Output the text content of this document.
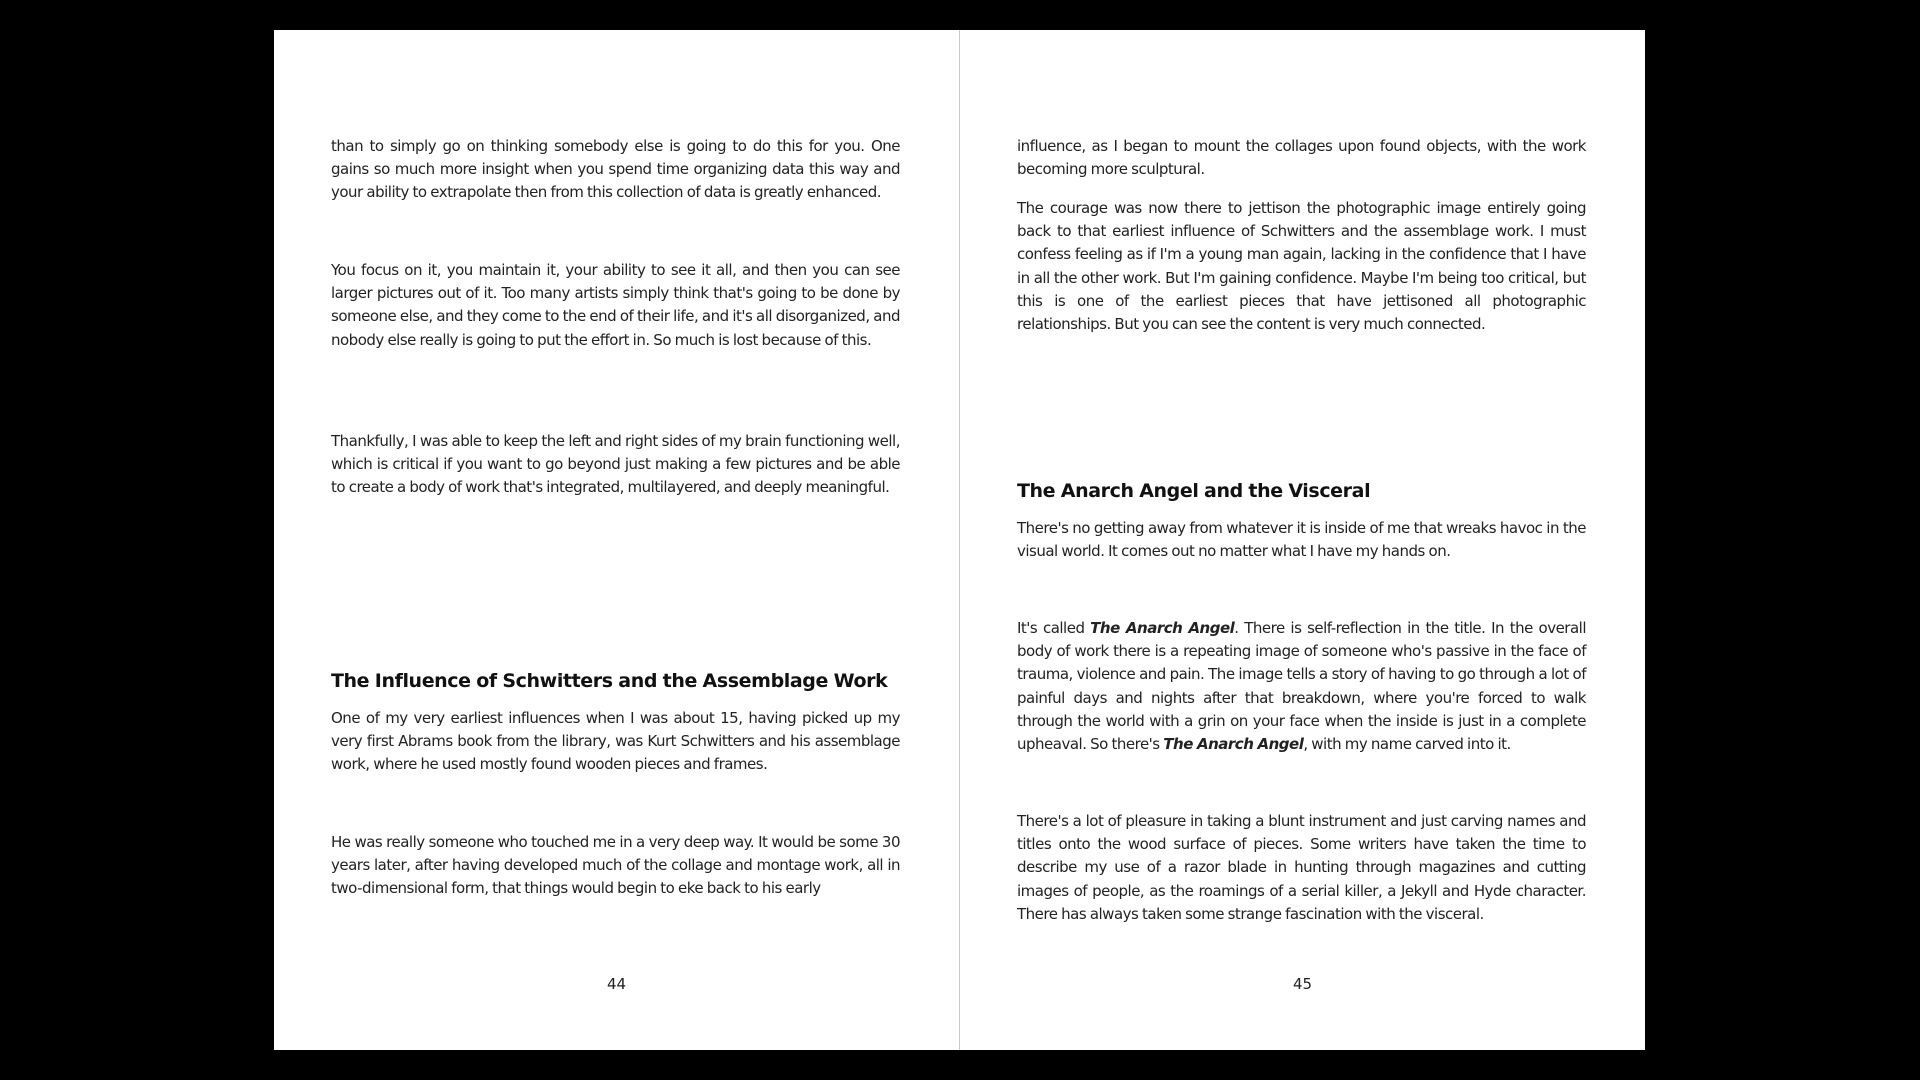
than to simply go on thinking somebody else is going to do this for you. One gains so much more insight when you spend time organizing data this way and your ability to extrapolate then from this collection of data is greatly enhanced.

You focus on it, you maintain it, your ability to see it all, and then you can see larger pictures out of it. Too many artists simply think that's going to be done by someone else, and they come to the end of their life, and it's all disorganized, and nobody else really is going to put the effort in. So much is lost because of this.

Thankfully, I was able to keep the left and right sides of my brain functioning well, which is critical if you want to go beyond just making a few pictures and be able to create a body of work that's integrated, multilayered, and deeply meaningful.

The Influence of Schwitters and the Assemblage Work

One of my very earliest influences when I was about 15, having picked up my very first Abrams book from the library, was Kurt Schwitters and his assemblage work, where he used mostly found wooden pieces and frames.

He was really someone who touched me in a very deep way. It would be some 30 years later, after having developed much of the collage and montage work, all in two-dimensional form, that things would begin to eke back to his early

44

influence, as I began to mount the collages upon found objects, with the work becoming more sculptural.

The courage was now there to jettison the photographic image entirely going back to that earliest influence of Schwitters and the assemblage work. I must confess feeling as if I'm a young man again, lacking in the confidence that I have in all the other work. But I'm gaining confidence. Maybe I'm being too critical, but this is one of the earliest pieces that have jettisoned all photographic relationships. But you can see the content is very much connected.

The Anarch Angel and the Visceral

There's no getting away from whatever it is inside of me that wreaks havoc in the visual world. It comes out no matter what I have my hands on.

It's called The Anarch Angel. There is self-reflection in the title. In the overall body of work there is a repeating image of someone who's passive in the face of trauma, violence and pain. The image tells a story of having to go through a lot of painful days and nights after that breakdown, where you're forced to walk through the world with a grin on your face when the inside is just in a complete upheaval. So there's The Anarch Angel, with my name carved into it.

There's a lot of pleasure in taking a blunt instrument and just carving names and titles onto the wood surface of pieces. Some writers have taken the time to describe my use of a razor blade in hunting through magazines and cutting images of people, as the roamings of a serial killer, a Jekyll and Hyde character. There has always taken some strange fascination with the visceral.

45
